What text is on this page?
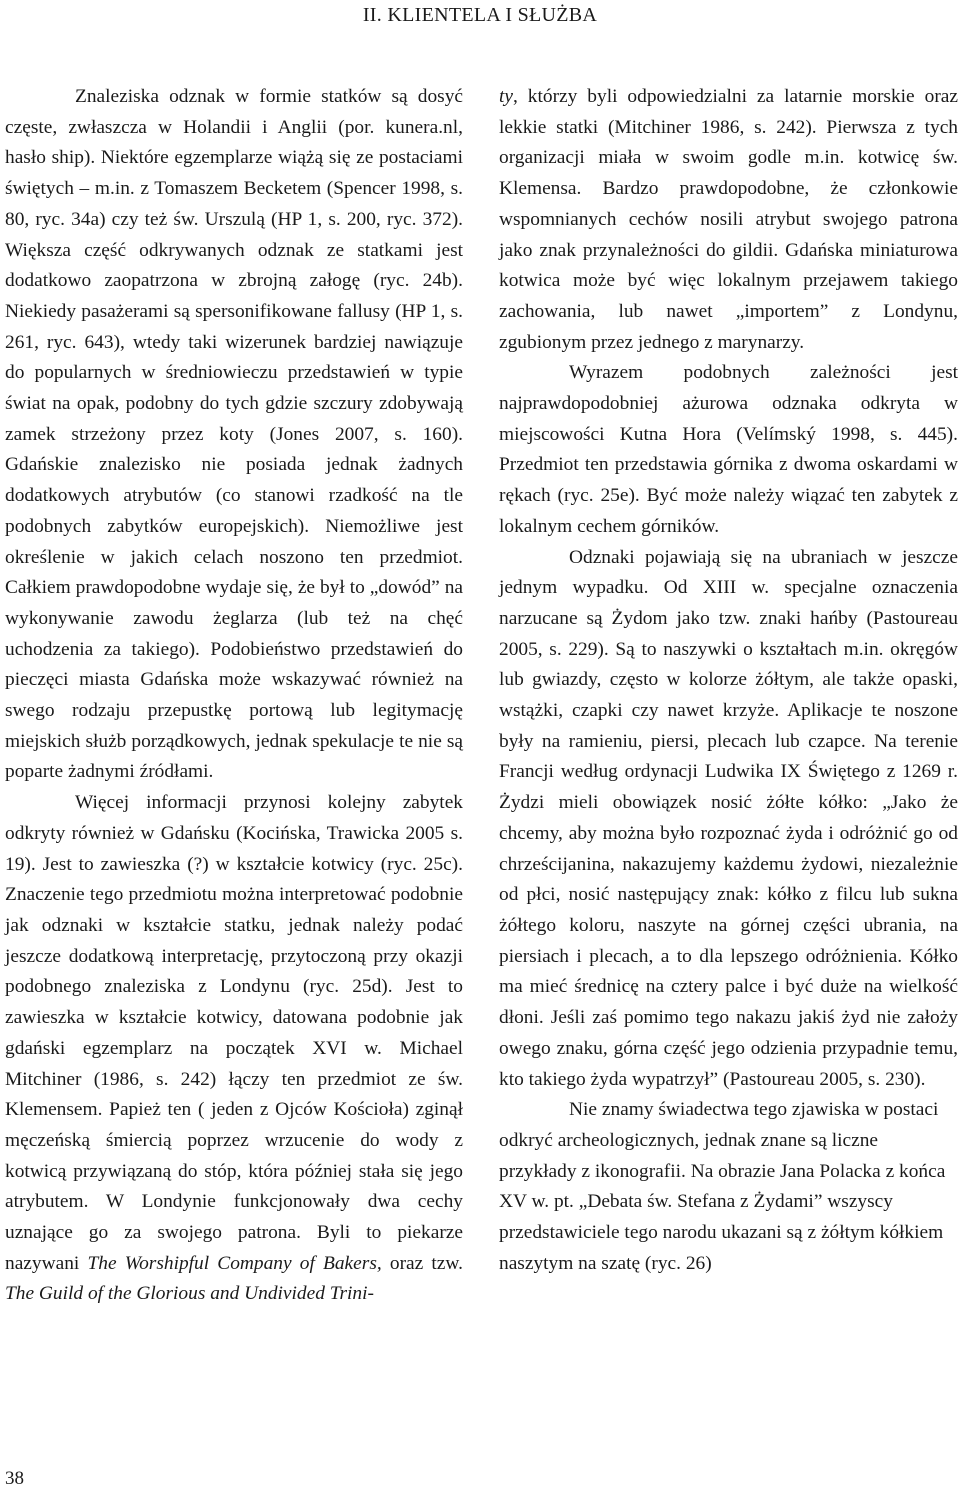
II. KLIENTELA I SŁUŻBA

Znaleziska odznak w formie statków są dosyć częste, zwłaszcza w Holandii i Anglii (por. kunera.nl, hasło ship). Niektóre egzemplarze wiążą się ze postaciami świętych – m.in. z Tomaszem Becketem (Spencer 1998, s. 80, ryc. 34a) czy też św. Urszulą (HP 1, s. 200, ryc. 372). Większa część odkrywanych odznak ze statkami jest dodatkowo zaopatrzona w zbrojną załogę (ryc. 24b). Niekiedy pasażerami są spersonifikowane fallusy (HP 1, s. 261, ryc. 643), wtedy taki wizerunek bardziej nawiązuje do popularnych w średniowieczu przedstawień w typie świat na opak, podobny do tych gdzie szczury zdobywają zamek strzeżony przez koty (Jones 2007, s. 160). Gdańskie znalezisko nie posiada jednak żadnych dodatkowych atrybutów (co stanowi rzadkość na tle podobnych zabytków europejskich). Niemożliwe jest określenie w jakich celach noszono ten przedmiot. Całkiem prawdopodobne wydaje się, że był to „dowód” na wykonywanie zawodu żeglarza (lub też na chęć uchodzenia za takiego). Podobieństwo przedstawień do pieczęci miasta Gdańska może wskazywać również na swego rodzaju przepustkę portową lub legitymację miejskich służb porządkowych, jednak spekulacje te nie są poparte żadnymi źródłami.

Więcej informacji przynosi kolejny zabytek odkryty również w Gdańsku (Kocińska, Trawicka 2005 s. 19). Jest to zawieszka (?) w kształcie kotwicy (ryc. 25c). Znaczenie tego przedmiotu można interpretować podobnie jak odznaki w kształcie statku, jednak należy podać jeszcze dodatkową interpretację, przytoczoną przy okazji podobnego znaleziska z Londynu (ryc. 25d). Jest to zawieszka w kształcie kotwicy, datowana podobnie jak gdański egzemplarz na początek XVI w. Michael Mitchiner (1986, s. 242) łączy ten przedmiot ze św. Klemensem. Papież ten ( jeden z Ojców Kościoła) zginął męczeńską śmiercią poprzez wrzucenie do wody z kotwicą przywiązaną do stóp, która później stała się jego atrybutem. W Londynie funkcjonowały dwa cechy uznające go za swojego patrona. Byli to piekarze nazywani The Worshipful Company of Bakers, oraz tzw. The Guild of the Glorious and Undivided Trini-

ty, którzy byli odpowiedzialni za latarnie morskie oraz lekkie statki (Mitchiner 1986, s. 242). Pierwsza z tych organizacji miała w swoim godle m.in. kotwicę św. Klemensa. Bardzo prawdopodobne, że członkowie wspomnianych cechów nosili atrybut swojego patrona jako znak przynależności do gildii. Gdańska miniaturowa kotwica może być więc lokalnym przejawem takiego zachowania, lub nawet „importem” z Londynu, zgubionym przez jednego z marynarzy.

Wyrazem podobnych zależności jest najprawdopodobniej ażurowa odznaka odkryta w miejscowości Kutna Hora (Velímský 1998, s. 445). Przedmiot ten przedstawia górnika z dwoma oskardami w rękach (ryc. 25e). Być może należy wiązać ten zabytek z lokalnym cechem górników.

Odznaki pojawiają się na ubraniach w jeszcze jednym wypadku. Od XIII w. specjalne oznaczenia narzucane są Żydom jako tzw. znaki hańby (Pastoureau 2005, s. 229). Są to naszywki o kształtach m.in. okręgów lub gwiazdy, często w kolorze żółtym, ale także opaski, wstążki, czapki czy nawet krzyże. Aplikacje te noszone były na ramieniu, piersi, plecach lub czapce. Na terenie Francji według ordynacji Ludwika IX Świętego z 1269 r. Żydzi mieli obowiązek nosić żółte kółko: „Jako że chcemy, aby można było rozpoznać żyda i odróżnić go od chrześcijanina, nakazujemy każdemu żydowi, niezależnie od płci, nosić następujący znak: kółko z filcu lub sukna żółtego koloru, naszyte na górnej części ubrania, na piersiach i plecach, a to dla lepszego odróżnienia. Kółko ma mieć średnicę na cztery palce i być duże na wielkość dłoni. Jeśli zaś pomimo tego nakazu jakiś żyd nie założy owego znaku, górna część jego odzienia przypadnie temu, kto takiego żyda wypatrzył” (Pastoureau 2005, s. 230).

Nie znamy świadectwa tego zjawiska w postaci odkryć archeologicznych, jednak znane są liczne przykłady z ikonografii. Na obrazie Jana Polacka z końca XV w. pt. „Debata św. Stefana z Żydami” wszyscy przedstawiciele tego narodu ukazani są z żółtym kółkiem naszytym na szatę (ryc. 26)

38
